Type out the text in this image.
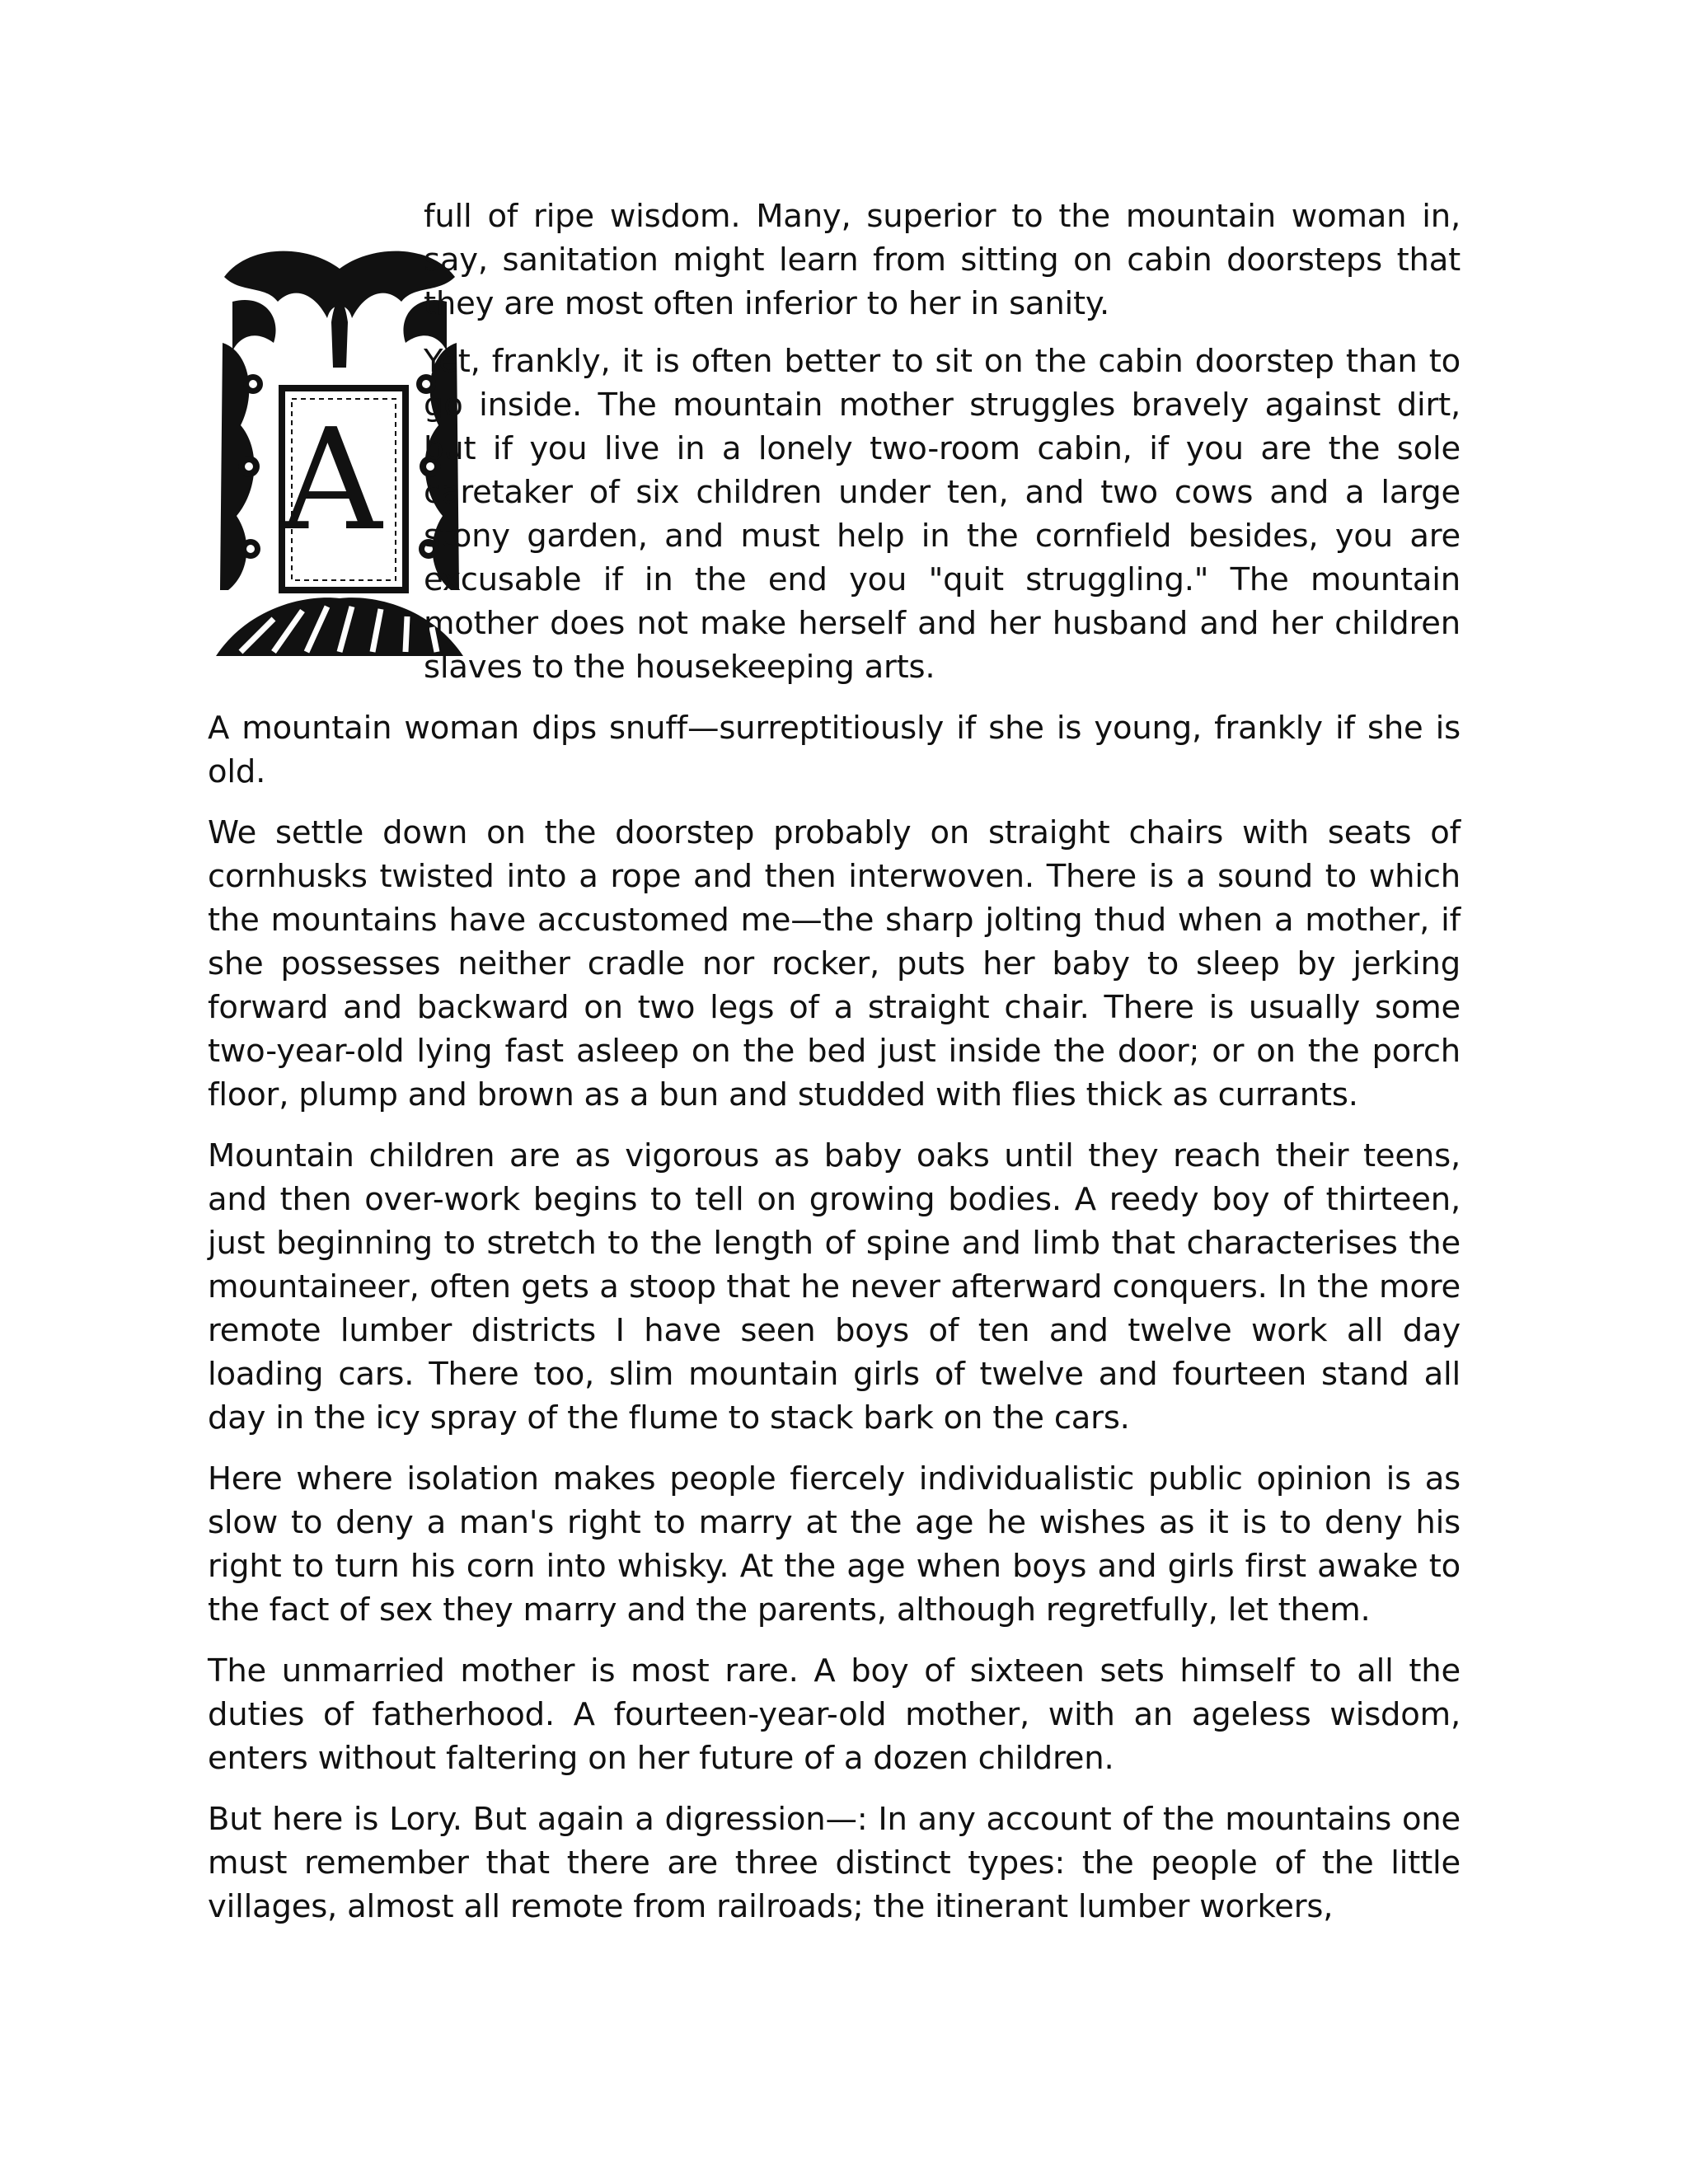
A

full of ripe wisdom. Many, superior to the mountain woman in, say, sanitation might learn from sitting on cabin doorsteps that they are most often inferior to her in sanity.

Yet, frankly, it is often better to sit on the cabin doorstep than to go inside. The mountain mother struggles bravely against dirt, but if you live in a lonely two-room cabin, if you are the sole caretaker of six children under ten, and two cows and a large stony garden, and must help in the cornfield besides, you are excusable if in the end you "quit struggling." The mountain mother does not make herself and her husband and her children slaves to the housekeeping arts.

A mountain woman dips snuff—surreptitiously if she is young, frankly if she is old.

We settle down on the doorstep probably on straight chairs with seats of cornhusks twisted into a rope and then interwoven. There is a sound to which the mountains have accustomed me—the sharp jolting thud when a mother, if she possesses neither cradle nor rocker, puts her baby to sleep by jerking forward and backward on two legs of a straight chair. There is usually some two-year-old lying fast asleep on the bed just inside the door; or on the porch floor, plump and brown as a bun and studded with flies thick as currants.

Mountain children are as vigorous as baby oaks until they reach their teens, and then over-work begins to tell on growing bodies. A reedy boy of thirteen, just beginning to stretch to the length of spine and limb that characterises the mountaineer, often gets a stoop that he never afterward conquers. In the more remote lumber districts I have seen boys of ten and twelve work all day loading cars. There too, slim mountain girls of twelve and fourteen stand all day in the icy spray of the flume to stack bark on the cars.

Here where isolation makes people fiercely individualistic public opinion is as slow to deny a man's right to marry at the age he wishes as it is to deny his right to turn his corn into whisky. At the age when boys and girls first awake to the fact of sex they marry and the parents, although regretfully, let them.

The unmarried mother is most rare. A boy of sixteen sets himself to all the duties of fatherhood. A fourteen-year-old mother, with an ageless wisdom, enters without faltering on her future of a dozen children.

But here is Lory. But again a digression—: In any account of the mountains one must remember that there are three distinct types: the people of the little villages, almost all remote from railroads; the itinerant lumber workers,
